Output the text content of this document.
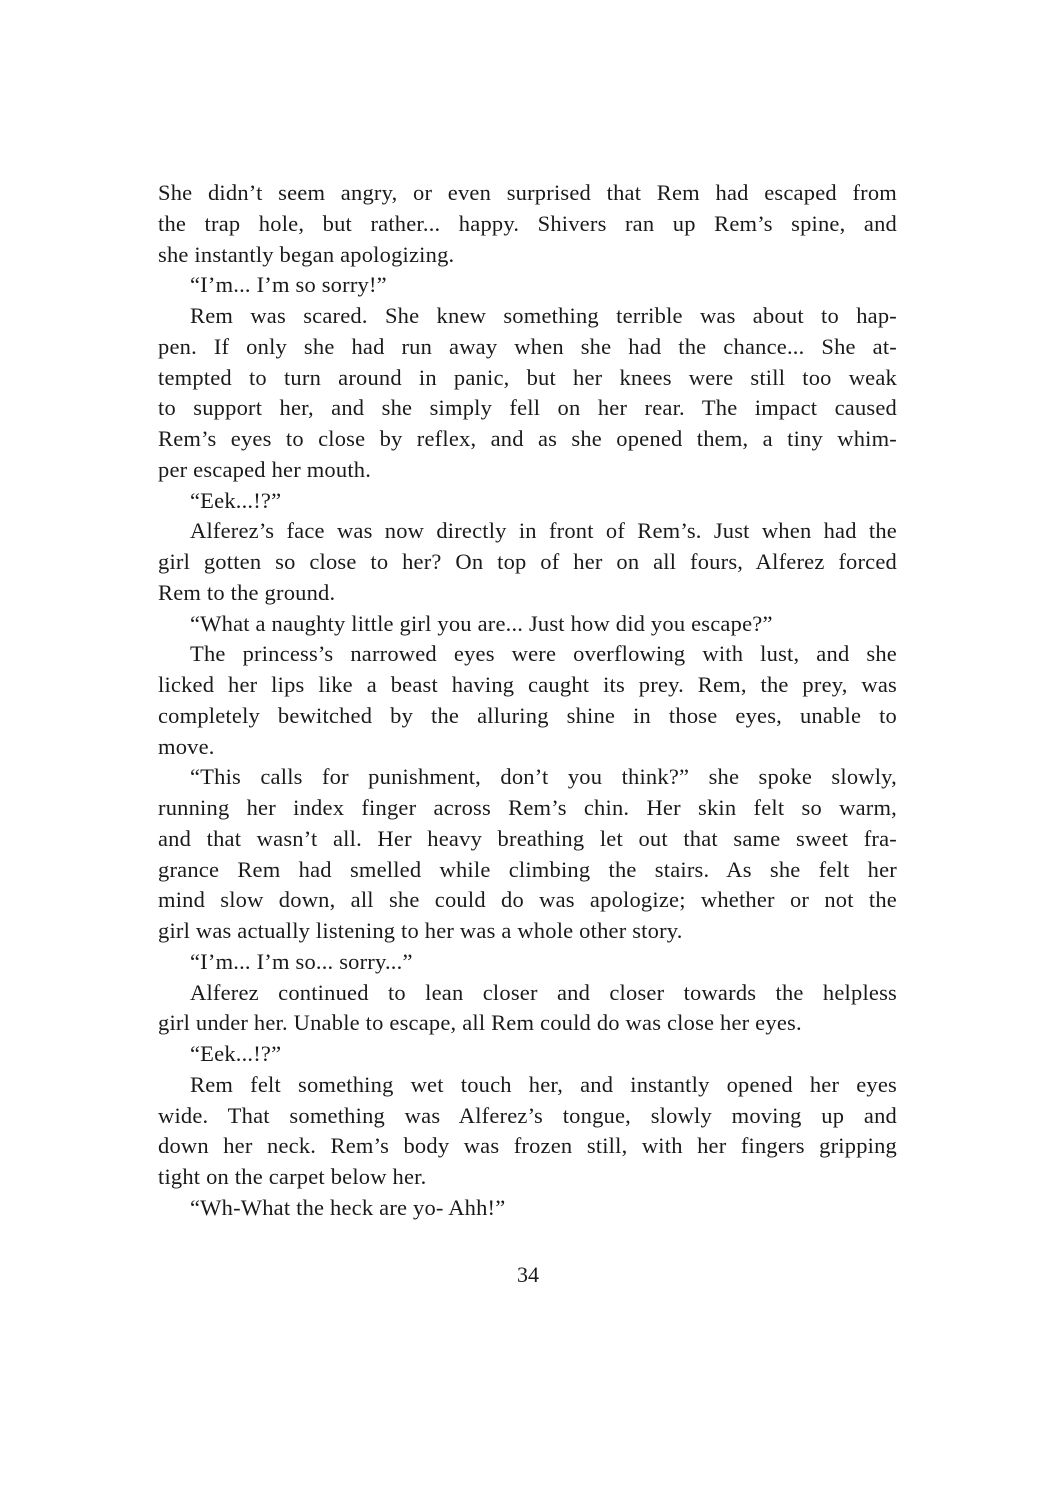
She didn’t seem angry, or even surprised that Rem had escaped from
the trap hole, but rather... happy. Shivers ran up Rem’s spine, and
she instantly began apologizing.
“I’m... I’m so sorry!”
Rem was scared. She knew something terrible was about to hap-
pen. If only she had run away when she had the chance... She at-
tempted to turn around in panic, but her knees were still too weak
to support her, and she simply fell on her rear. The impact caused
Rem’s eyes to close by reflex, and as she opened them, a tiny whim-
per escaped her mouth.
“Eek...!?”
Alferez’s face was now directly in front of Rem’s. Just when had the
girl gotten so close to her? On top of her on all fours, Alferez forced
Rem to the ground.
“What a naughty little girl you are... Just how did you escape?”
The princess’s narrowed eyes were overflowing with lust, and she
licked her lips like a beast having caught its prey. Rem, the prey, was
completely bewitched by the alluring shine in those eyes, unable to
move.
“This calls for punishment, don’t you think?” she spoke slowly,
running her index finger across Rem’s chin. Her skin felt so warm,
and that wasn’t all. Her heavy breathing let out that same sweet fra-
grance Rem had smelled while climbing the stairs. As she felt her
mind slow down, all she could do was apologize; whether or not the
girl was actually listening to her was a whole other story.
“I’m... I’m so... sorry...”
Alferez continued to lean closer and closer towards the helpless
girl under her. Unable to escape, all Rem could do was close her eyes.
“Eek...!?”
Rem felt something wet touch her, and instantly opened her eyes
wide. That something was Alferez’s tongue, slowly moving up and
down her neck. Rem’s body was frozen still, with her fingers gripping
tight on the carpet below her.
“Wh-What the heck are yo- Ahh!”
34
